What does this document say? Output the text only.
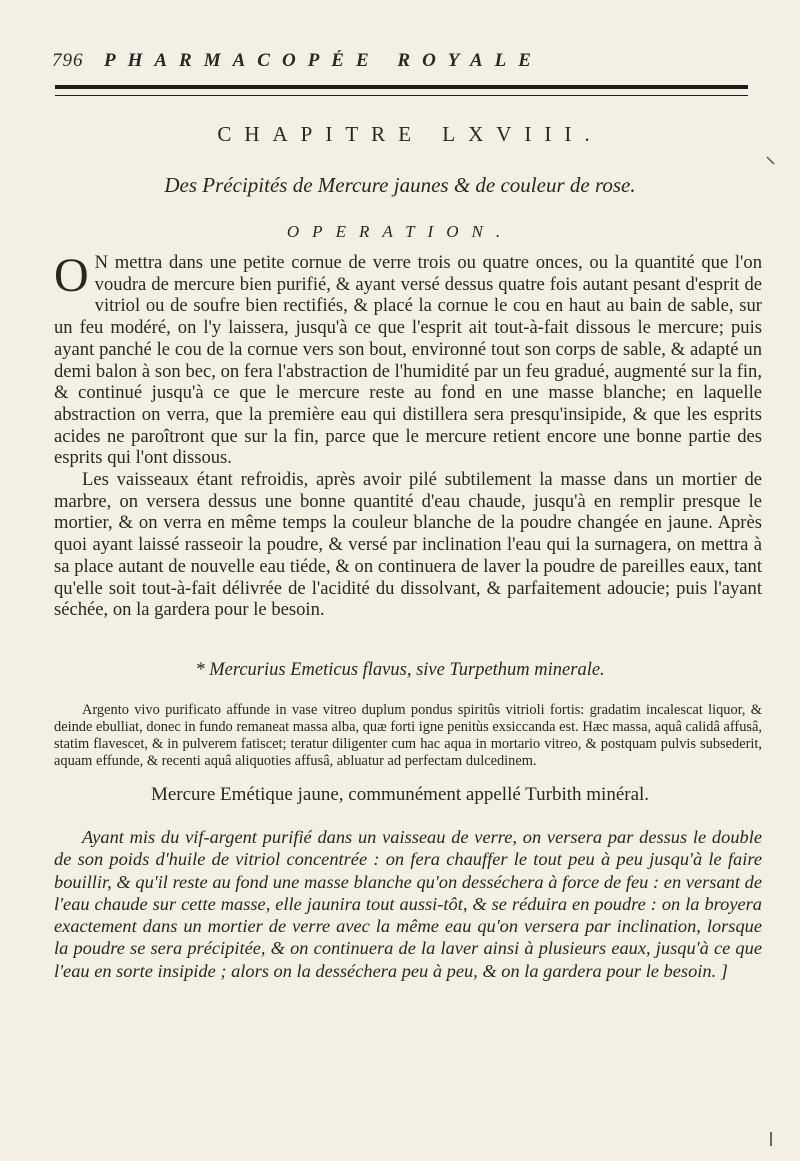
796 PHARMACOPÉE ROYALE
CHAPITRE LXVIII.
Des Précipités de Mercure jaunes & de couleur de rose.
OPERATION.

O N mettra dans une petite cornue de verre trois ou quatre onces, ou la quantité que l'on voudra de mercure bien purifié, & ayant versé dessus quatre fois autant pesant d'esprit de vitriol ou de soufre bien rectifiés, & placé la cornue le cou en haut au bain de sable, sur un feu modéré, on l'y laissera, jusqu'à ce que l'esprit ait tout-à-fait dissous le mercure; puis ayant panché le cou de la cornue vers son bout, environné tout son corps de sable, & adapté un demi balon à son bec, on fera l'abstraction de l'humidité par un feu gradué, augmenté sur la fin, & continué jusqu'à ce que le mercure reste au fond en une masse blanche; en laquelle abstraction on verra, que la première eau qui distillera sera presqu'insipide, & que les esprits acides ne paroîtront que sur la fin, parce que le mercure retient encore une bonne partie des esprits qui l'ont dissous.

Les vaisseaux étant refroidis, après avoir pilé subtilement la masse dans un mortier de marbre, on versera dessus une bonne quantité d'eau chaude, jusqu'à en remplir presque le mortier, & on verra en même temps la couleur blanche de la poudre changée en jaune. Après quoi ayant laissé rasseoir la poudre, & versé par inclination l'eau qui la surnagera, on mettra à sa place autant de nouvelle eau tiéde, & on continuera de laver la poudre de pareilles eaux, tant qu'elle soit tout-à-fait délivrée de l'acidité du dissolvant, & parfaitement adoucie; puis l'ayant séchée, on la gardera pour le besoin.

* Mercurius Emeticus flavus, sive Turpethum minerale.

Argento vivo purificato affunde in vase vitreo duplum pondus spiritûs vitrioli fortis: gradatim incalescat liquor, & deinde ebulliat, donec in fundo remaneat massa alba, quæ forti igne penitùs exsiccanda est. Hæc massa, aquâ calidâ affusâ, statim flavescet, & in pulverem fatiscet; teratur diligenter cum hac aqua in mortario vitreo, & postquam pulvis subsederit, aquam effunde, & recenti aquâ aliquoties affusâ, abluatur ad perfectam dulcedinem.

Mercure Emétique jaune, communément appellé Turbith minéral.

Ayant mis du vif-argent purifié dans un vaisseau de verre, on versera par dessus le double de son poids d'huile de vitriol concentrée : on fera chauffer le tout peu à peu jusqu'à le faire bouillir, & qu'il reste au fond une masse blanche qu'on desséchera à force de feu : en versant de l'eau chaude sur cette masse, elle jaunira tout aussi-tôt, & se réduira en poudre : on la broyera exactement dans un mortier de verre avec la même eau qu'on versera par inclination, lorsque la poudre se sera précipitée, & on continuera de la laver ainsi à plusieurs eaux, jusqu'à ce que l'eau en sorte insipide ; alors on la desséchera peu à peu, & on la gardera pour le besoin. ]
